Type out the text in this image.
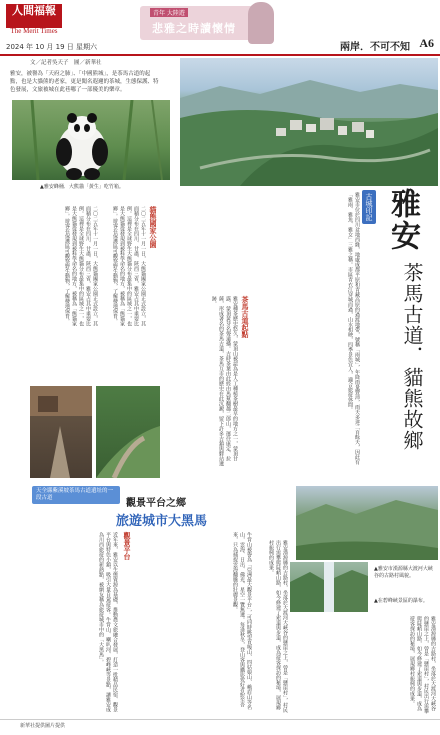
人間福報
The Merit Times
青年 大陸遊
悲雅之時讀懷情
2024 年 10 月 19 日 星期六	兩岸．不可不知 A6
文／記者吳天子　圖／新華社
雅安，被譽為「天府之肺」、「中國熊城」，是茶馬古道的起點，也是大貓熊的老家，更是聞名遐邇的茶城，生態保護、特色發展，文旅被城在此巷哪了一部優美的樂章。
▲雅安蜂桶．大熊貓「黃生」吃竹箱。
古城印記 雅安
茶馬古道．貓熊故鄉
雅安市位於四川盆地西緣，地處成都平原和青藏高原的過渡地帶，號稱「雨城」，年降雨量豐沛，雨天多達二百餘天，因此有「雅雨、雅魚、雅女」三雅之稱。市區青衣江穿城而過，山水相映，四季景色宜人，適合旅遊休閒。
貓熊國家公園
二〇二五年十一月一日，大熊貓國家公園正式設立，其面積分布在四川、甘肅、陝西三省，雅安占其中重要比例。這裡是全球野生大熊貓分布最集中的區域之一，也是大熊貓從發現到被科學命名的地方，被稱為「熊貓家鄉」。遊客在保護區可觀察野生動物，了解棲地保育。
二〇二五年十一月一日，大熊貓國家公園正式設立，其面積分布在四川、甘肅、陝西三省，雅安占其中重要比例。這裡是全球野生大熊貓分布最集中的區域之一，也是大熊貓從發現到被科學命名的地方，被稱為「熊貓家鄉」。遊客在保護區可觀察野生動物，了解棲地保育。	茶馬古道起點
雅安種茶歷史悠久，蒙頂山被認為是人工種植茶樹最早的地方之一，蒙頂甘露、蒙頂黃芽名聲遠播。古時茶葉由此經由馬幫翻越二郎山，運往康定、拉薩，形成著名的茶馬古道，茶馬互市的歷史在此沉澱，留下許多古鎮與驛站遺跡。
天全縣紫溪坡茶馬古道遺址的一段古道
▲雅安市漢源縣大渡河大峽谷的古路村風貌。
▲在碧峰峽景區的瀑布。
觀景平台之鄉
旅遊城市大黑馬
近年來，雅安以生態資源為基礎，推動農文旅融合發展，打造一批精品民宿、觀景平台與特色小鎮，吸引大量自駕遊客。牛背山、喇叭河、碧峰峽等景點，讓雅安成為川西旅遊的新熱點，被網友稱為旅遊城市中的「大黑馬」。	觀景平台	牛背山被譽為「亞洲最大觀景平台」，可同時眺望貢嘎山、四姑娘山、峨眉山等名山，雲海、日出、佛光、星空一覽無遺。每逢秋冬，登山客與攝影愛好者紛至沓來，只為捕捉雲海翻騰的壯麗景觀。	雅安漢源縣的古路村，坐落於大渡河大峽谷的懸崖之上，曾是「懸崖村」，村民出行需攀爬陡峭山路，如今修建了索道與步道，成為遊客探訪的秘境，展現鄉村振興的成果。
雅安漢源縣的古路村，坐落於大渡河大峽谷的懸崖之上，曾是「懸崖村」，村民出行需攀爬陡峭山路，如今修建了索道與步道，成為遊客探訪的秘境，展現鄉村振興的成果。
新華社提供圖片提供
